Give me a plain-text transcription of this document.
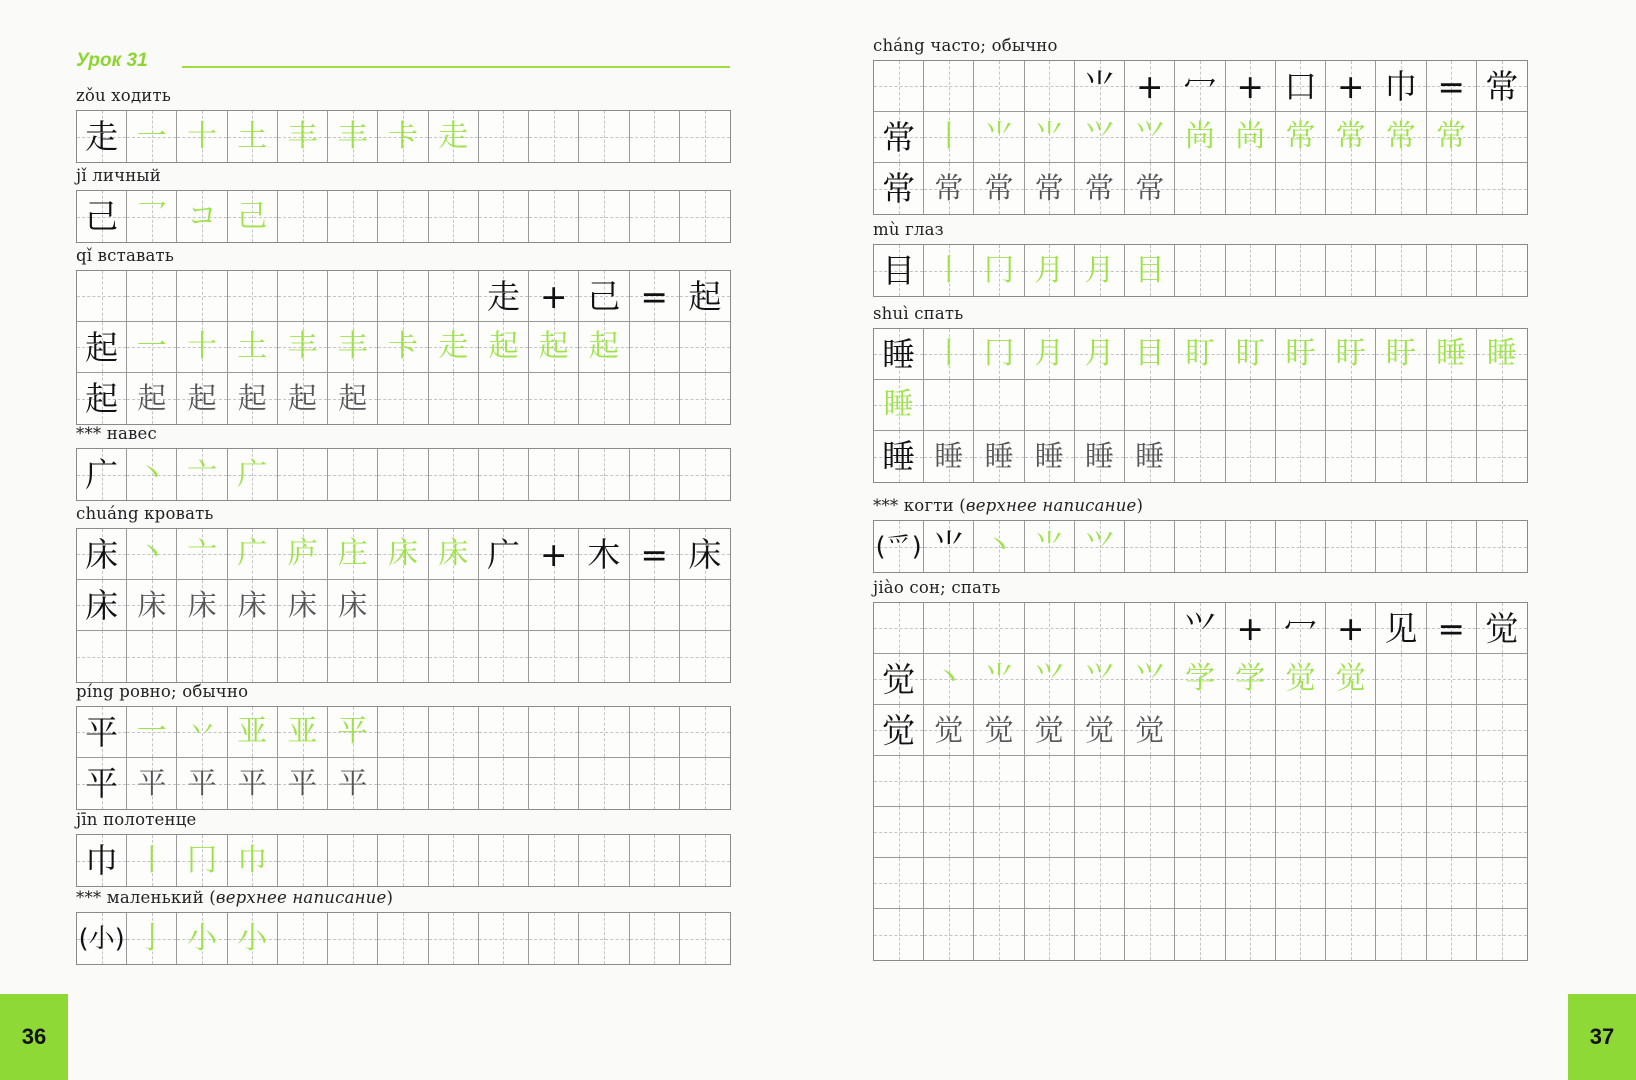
Урок 31
zǒu ходить
走 一 十 土 丰 丰 卡 走
jǐ личный
己 乛 コ 己
qǐ вставать
走 + 己 = 起
起 一 十 土 丰 丰 卡 走 起 起 起
起 起 起 起 起 起
*** навес
广 丶 亠 广
chuáng кровать
床 丶 亠 广 庐 庄 床 床 广 + 木 = 床
床 床 床 床 床 床
píng ровно; обычно
平 一 丷 亚 亚 平
平 平 平 平 平 平
jīn полотенце
巾 丨 冂 巾
*** маленький (верхнее написание)
(小) 亅 小 小
36
cháng часто; обычно
⺌ + 冖 + 口 + 巾 = 常
常 丨 ⺌ ⺌ ⺍ ⺍ 尚 尚 常 常 常 常
常 常 常 常 常 常
mù глаз
目 丨 冂 月 月 目
shuì спать
睡 丨 冂 月 月 目 盯 盯 盱 盱 盱 睡 睡
睡
睡 睡 睡 睡 睡 睡
*** когти (верхнее написание)
(爫) ⺌ 丶 ⺌ ⺍
jiào сон; спать
⺍ + 冖 + 见 = 觉
觉 丶 ⺌ ⺍ ⺍ ⺍ 学 学 觉 觉
觉 觉 觉 觉 觉 觉
37
